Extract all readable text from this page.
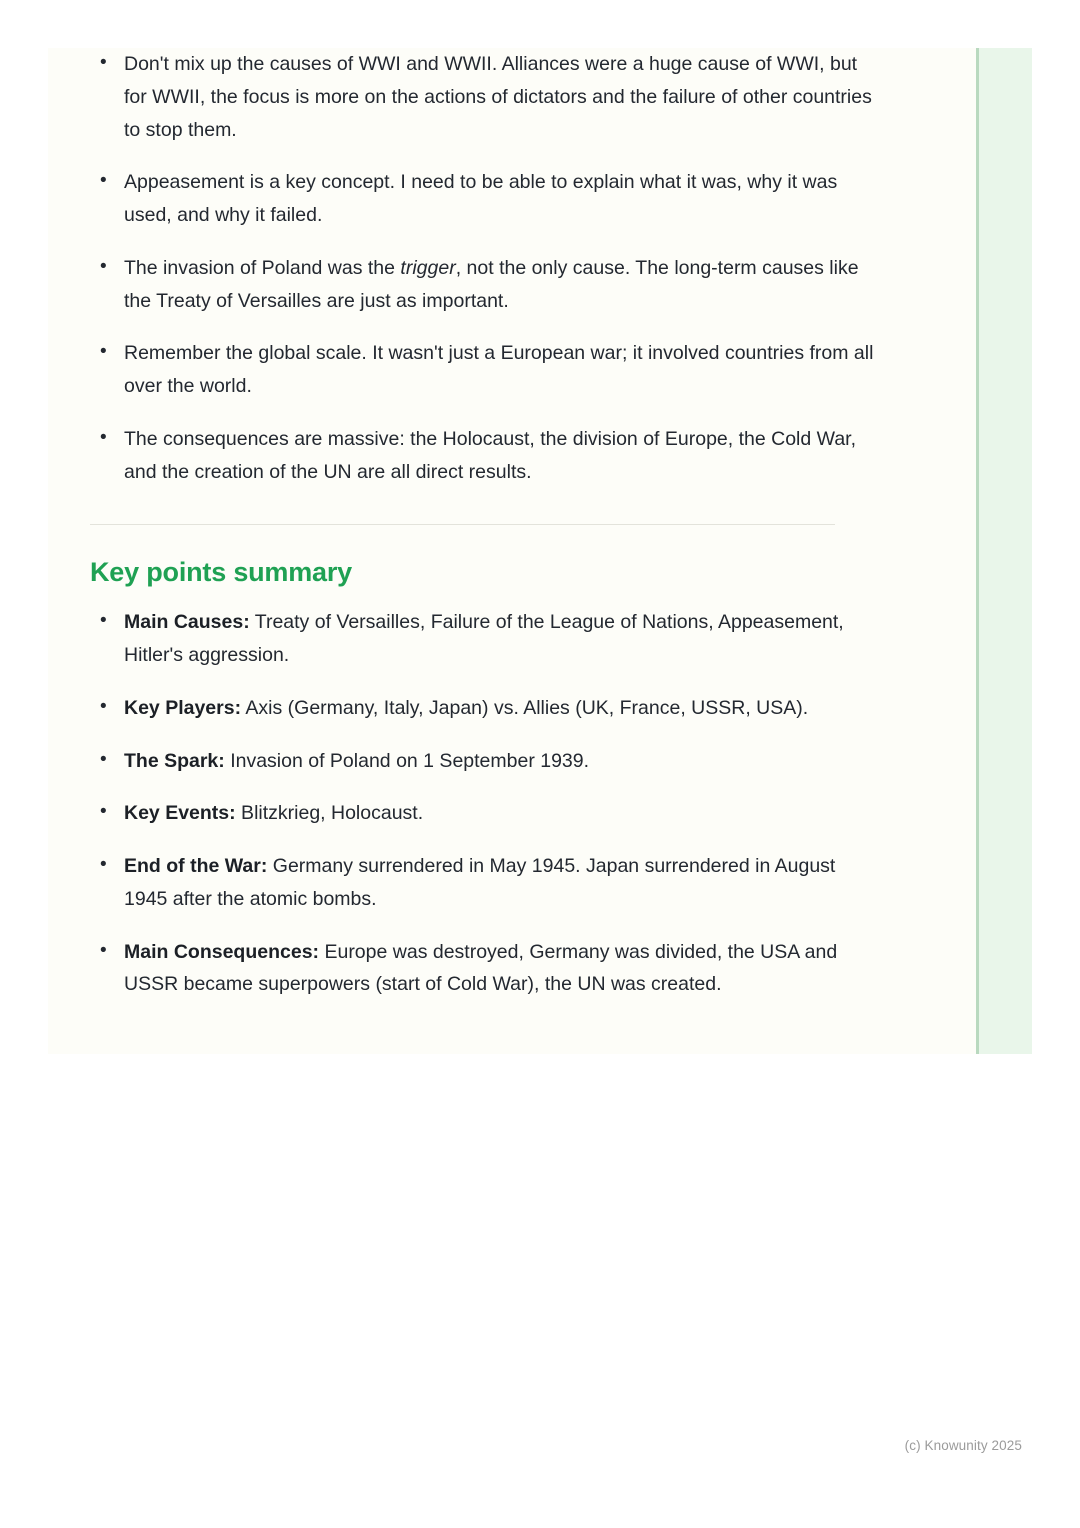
• Don't mix up the causes of WWI and WWII. Alliances were a huge cause of WWI, but for WWII, the focus is more on the actions of dictators and the failure of other countries to stop them.
• Appeasement is a key concept. I need to be able to explain what it was, why it was used, and why it failed.
• The invasion of Poland was the trigger, not the only cause. The long-term causes like the Treaty of Versailles are just as important.
• Remember the global scale. It wasn't just a European war; it involved countries from all over the world.
• The consequences are massive: the Holocaust, the division of Europe, the Cold War, and the creation of the UN are all direct results.
Key points summary
• Main Causes: Treaty of Versailles, Failure of the League of Nations, Appeasement, Hitler's aggression.
• Key Players: Axis (Germany, Italy, Japan) vs. Allies (UK, France, USSR, USA).
• The Spark: Invasion of Poland on 1 September 1939.
• Key Events: Blitzkrieg, Holocaust.
• End of the War: Germany surrendered in May 1945. Japan surrendered in August 1945 after the atomic bombs.
• Main Consequences: Europe was destroyed, Germany was divided, the USA and USSR became superpowers (start of Cold War), the UN was created.
(c) Knowunity 2025
